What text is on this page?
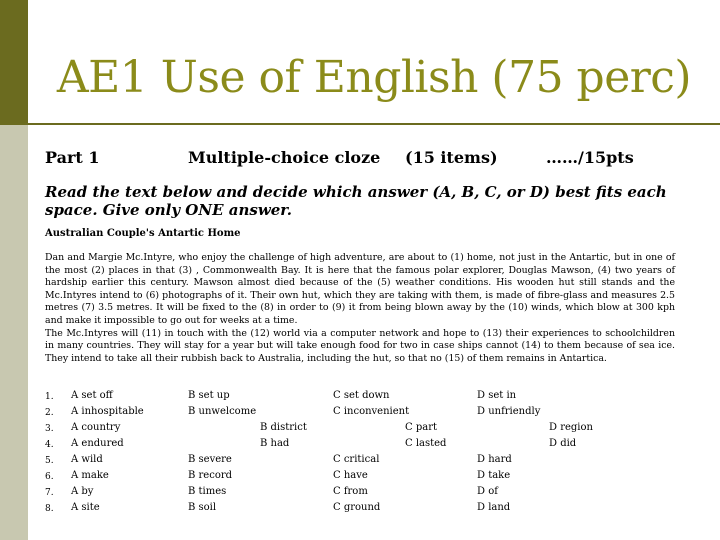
AE1 Use of English (75 perc)
Part 1	Multiple-choice cloze (15 items)	……/15pts
Read the text below and decide which answer (A, B, C, or D) best fits each space. Give only ONE answer.
Australian Couple's Antartic Home

Dan and Margie Mc.Intyre, who enjoy the challenge of high adventure, are about to (1) home, not just in the Antartic, but in one of the most (2) places in that (3) , Commonwealth Bay. It is here that the famous polar explorer, Douglas Mawson, (4) two years of hardship earlier this century. Mawson almost died because of the (5) weather conditions. His wooden hut still stands and the Mc.Intyres intend to (6) photographs of it. Their own hut, which they are taking with them, is made of fibre-glass and measures 2.5 metres (7) 3.5 metres. It will be fixed to the (8) in order to (9) it from being blown away by the (10) winds, which blow at 300 kph and make it impossible to go out for weeks at a time.

The Mc.Intyres will (11) in touch with the (12) world via a computer network and hope to (13) their experiences to schoolchildren in many countries. They will stay for a year but will take enough food for two in case ships cannot (14) to them because of sea ice. They intend to take all their rubbish back to Australia, including the hut, so that no (15) of them remains in Antartica.

1.
2.
3.
4.
5.
6.
7.
8.
A set off
A inhospitable
A country
A endured
A wild
A make
A by
A site
B set up
B unwelcome
B district
B had
B severe
B record
B times
B soil
C set down
C inconvenient
C part
C lasted
C critical
C have
C from
C ground
D set in
D unfriendly
D region
D did
D hard
D take
D of
D land
